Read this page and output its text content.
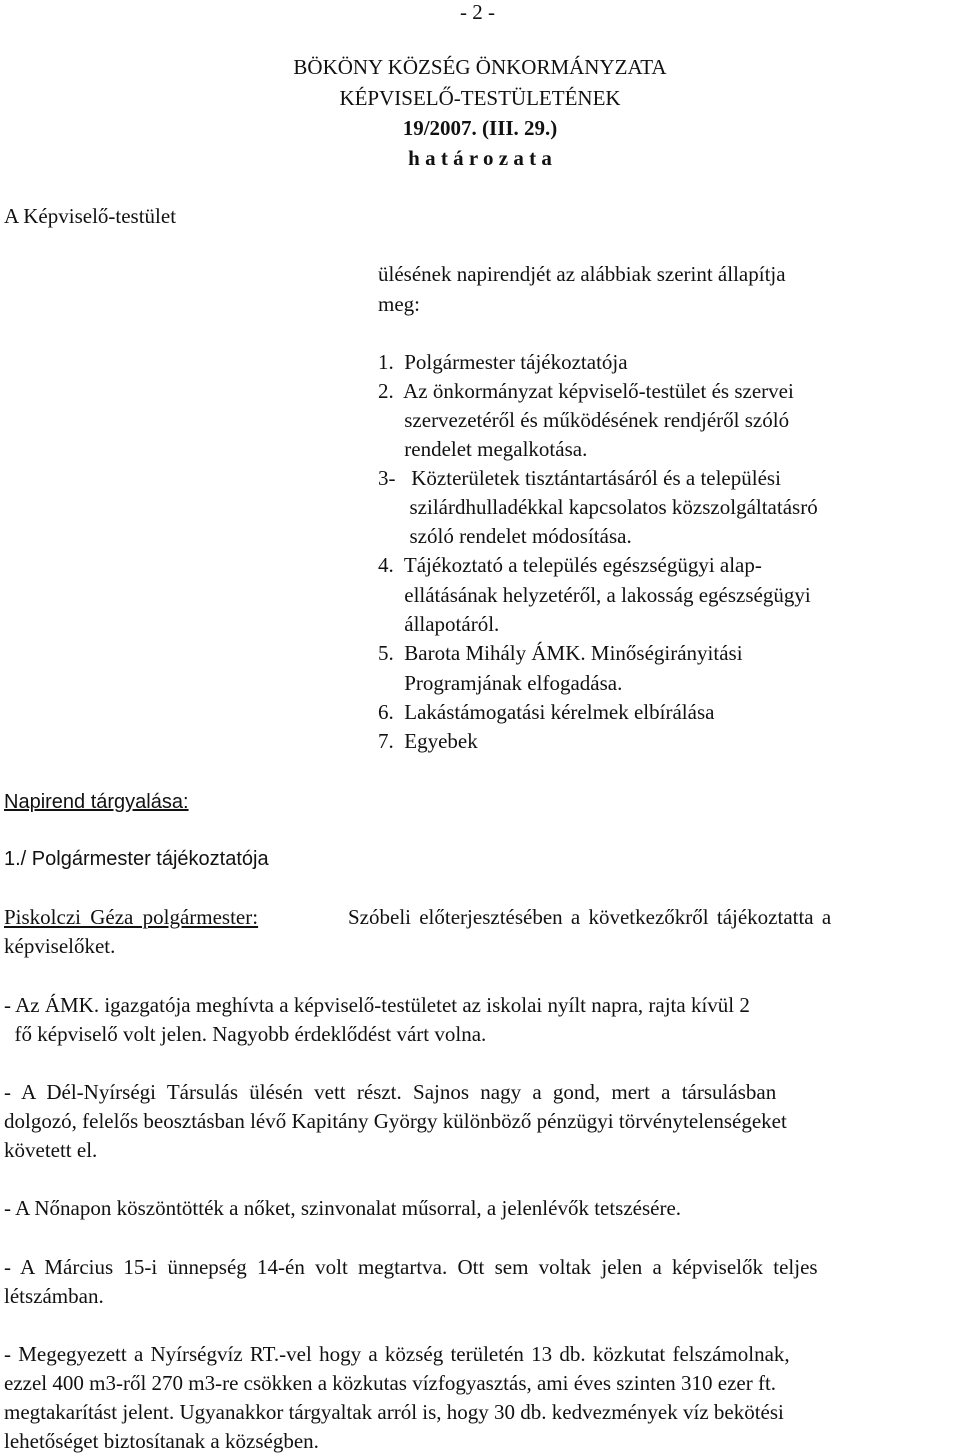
- 2 -
BÖKÖNY KÖZSÉG ÖNKORMÁNYZATA
KÉPVISELŐ-TESTÜLETÉNEK
19/2007. (III. 29.)
h a t á r o z a t a
A Képviselő-testület
ülésének napirendjét az alábbiak szerint állapítja
meg:
1.  Polgármester tájékoztatója
2.  Az önkormányzat képviselő-testület és szervei
szervezetéről és működésének rendjéről szóló
rendelet megalkotása.
3-   Közterületek tisztántartásáról és a települési
szilárdhulladékkal kapcsolatos közszolgáltatásró
szóló rendelet módosítása.
4.  Tájékoztató a település egészségügyi alap-
ellátásának helyzetéről, a lakosság egészségügyi
állapotáról.
5.  Barota Mihály ÁMK. Minőségirányitási
Programjának elfogadása.
6.  Lakástámogatási kérelmek elbírálása
7.  Egyebek
Napirend tárgyalása:
1./ Polgármester tájékoztatója
Piskolczi Géza polgármester:	Szóbeli előterjesztésében a következőkről tájékoztatta a
képviselőket.
- Az ÁMK. igazgatója meghívta a képviselő-testületet az iskolai nyílt napra, rajta kívül 2
fő képviselő volt jelen. Nagyobb érdeklődést várt volna.
- A Dél-Nyírségi Társulás ülésén vett részt. Sajnos nagy a gond, mert a társulásban
dolgozó, felelős beosztásban lévő Kapitány György különböző pénzügyi törvénytelenségeket
követett el.
- A Nőnapon köszöntötték a nőket, szinvonalat műsorral, a jelenlévők tetszésére.
- A Március 15-i ünnepség 14-én volt megtartva. Ott sem voltak jelen a képviselők teljes
létszámban.
- Megegyezett a Nyírségvíz RT.-vel hogy a község területén 13 db. közkutat felszámolnak,
ezzel 400 m3-ről 270 m3-re csökken a közkutas vízfogyasztás, ami éves szinten 310 ezer ft.
megtakarítást jelent. Ugyanakkor tárgyaltak arról is, hogy 30 db. kedvezmények víz bekötési
lehetőséget biztosítanak a községben.
